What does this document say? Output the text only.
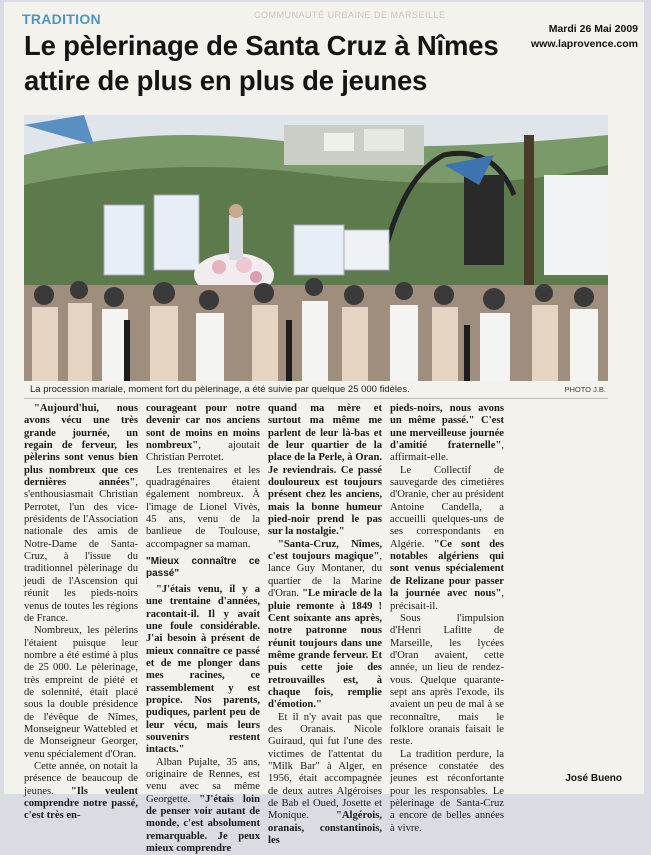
TRADITION	COMMUNAUTÉ URBAINE DE MARSEILLE
Mardi 26 Mai 2009
www.laprovence.com
Le pèlerinage de Santa Cruz à Nîmes attire de plus en plus de jeunes
La procession mariale, moment fort du pèlerinage, a été suivie par quelque 25 000 fidèles.	PHOTO J.B.

"Aujourd'hui, nous avons vécu une très grande journée, un regain de ferveur, les pèlerins sont venus bien plus nombreux que ces dernières années", s'enthousiasmait Christian Perrotet, l'un des vice-présidents de l'Association nationale des amis de Notre-Dame de Santa-Cruz, à l'issue du traditionnel pèlerinage du jeudi de l'Ascension qui réunit les pieds-noirs venus de toutes les régions de France.

Nombreux, les pèlerins l'étaient puisque leur nombre a été estimé à plus de 25 000. Le pèlerinage, très empreint de piété et de solennité, était placé sous la double présidence de l'évêque de Nîmes, Monseigneur Wattebled et de Monseigneur Georger, venu spécialement d'Oran.

Cette année, on notait la présence de beaucoup de jeunes. "Ils veulent comprendre notre passé, c'est très en-

courageant pour notre devenir car nos anciens sont de moins en moins nombreux", ajoutait Christian Perrotet.

Les trentenaires et les quadragénaires étaient également nombreux. À l'image de Lionel Vivès, 45 ans, venu de la banlieue de Toulouse, accompagner sa maman.

"Mieux connaître ce passé"

"J'étais venu, il y a une trentaine d'années, racontait-il. Il y avait une foule considérable. J'ai besoin à présent de mieux connaître ce passé et de me plonger dans mes racines, ce rassemblement y est propice. Nos parents, pudiques, parlent peu de leur vécu, mais leurs souvenirs restent intacts."

Alban Pujalte, 35 ans, originaire de Rennes, est venu avec sa même Georgette. "J'étais loin de penser voir autant de monde, c'est absolument remarquable. Je peux mieux comprendre

quand ma mère et surtout ma même me parlent de leur là-bas et de leur quartier de la place de la Perle, à Oran. Je reviendrais. Ce passé douloureux est toujours présent chez les anciens, mais la bonne humeur pied-noir prend le pas sur la nostalgie."

"Santa-Cruz, Nîmes, c'est toujours magique", lance Guy Montaner, du quartier de la Marine d'Oran. "Le miracle de la pluie remonte à 1849 ! Cent soixante ans après, notre patronne nous réunit toujours dans une même grande ferveur. Et puis cette joie des retrouvailles est, à chaque fois, remplie d'émotion."

Et il n'y avait pas que des Oranais. Nicole Guiraud, qui fut l'une des victimes de l'attentat du "Milk Bar" à Alger, en 1956, était accompagnée de deux autres Algéroises de Bab el Oued, Josette et Monique. "Algérois, oranais, constantinois, les

pieds-noirs, nous avons un même passé." C'est une merveilleuse journée d'amitié fraternelle", affirmait-elle.

Le Collectif de sauvegarde des cimetières d'Oranie, cher au président Antoine Candella, a accueilli quelques-uns de ses correspondants en Algérie. "Ce sont des notables algériens qui sont venus spécialement de Relizane pour passer la journée avec nous", précisait-il.

Sous l'impulsion d'Henri Lafitte de Marseille, les lycées d'Oran avaient, cette année, un lieu de rendez-vous. Quelque quarante-sept ans après l'exode, ils avaient un peu de mal à se reconnaître, mais le folklore oranais faisait le reste.

La tradition perdure, la présence constatée des jeunes est réconfortante pour les responsables. Le pèlerinage de Santa-Cruz a encore de belles années à vivre.

José Bueno
